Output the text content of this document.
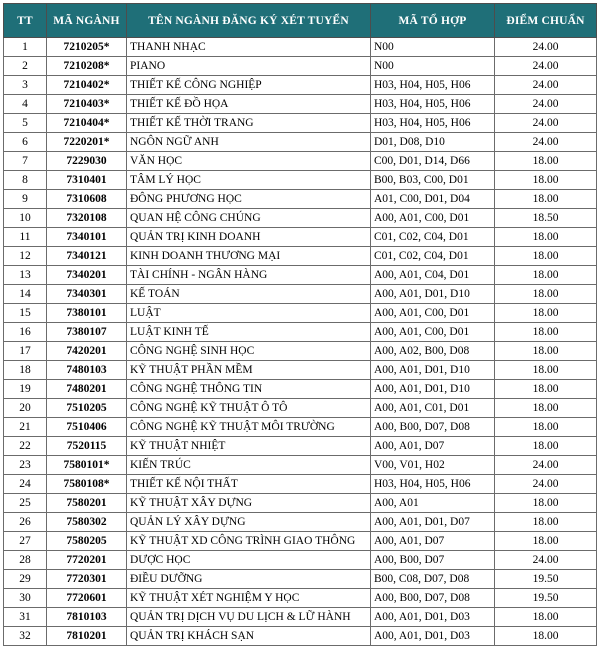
TT	MÃ NGÀNH	TÊN NGÀNH ĐĂNG KÝ XÉT TUYỂN	MÃ TỔ HỢP	ĐIỂM CHUẨN
1	7210205*	THANH NHẠC	N00	24.00
2	7210208*	PIANO	N00	24.00
3	7210402*	THIẾT KẾ CÔNG NGHIỆP	H03, H04, H05, H06	24.00
4	7210403*	THIẾT KẾ ĐỒ HỌA	H03, H04, H05, H06	24.00
5	7210404*	THIẾT KẾ THỜI TRANG	H03, H04, H05, H06	24.00
6	7220201*	NGÔN NGỮ ANH	D01, D08, D10	24.00
7	7229030	VĂN HỌC	C00, D01, D14, D66	18.00
8	7310401	TÂM LÝ HỌC	B00, B03, C00, D01	18.00
9	7310608	ĐÔNG PHƯƠNG HỌC	A01, C00, D01, D04	18.00
10	7320108	QUAN HỆ CÔNG CHÚNG	A00, A01, C00, D01	18.50
11	7340101	QUẢN TRỊ KINH DOANH	C01, C02, C04, D01	18.00
12	7340121	KINH DOANH THƯƠNG MẠI	C01, C02, C04, D01	18.00
13	7340201	TÀI CHÍNH - NGÂN HÀNG	A00, A01, C04, D01	18.00
14	7340301	KẾ TOÁN	A00, A01, D01, D10	18.00
15	7380101	LUẬT	A00, A01, C00, D01	18.00
16	7380107	LUẬT KINH TẾ	A00, A01, C00, D01	18.00
17	7420201	CÔNG NGHỆ SINH HỌC	A00, A02, B00, D08	18.00
18	7480103	KỸ THUẬT PHẦN MỀM	A00, A01, D01, D10	18.00
19	7480201	CÔNG NGHỆ THÔNG TIN	A00, A01, D01, D10	18.00
20	7510205	CÔNG NGHỆ KỸ THUẬT Ô TÔ	A00, A01, C01, D01	18.00
21	7510406	CÔNG NGHỆ KỸ THUẬT MÔI TRƯỜNG	A00, B00, D07, D08	18.00
22	7520115	KỸ THUẬT NHIỆT	A00, A01, D07	18.00
23	7580101*	KIẾN TRÚC	V00, V01, H02	24.00
24	7580108*	THIẾT KẾ NỘI THẤT	H03, H04, H05, H06	24.00
25	7580201	KỸ THUẬT XÂY DỰNG	A00, A01	18.00
26	7580302	QUẢN LÝ XÂY DỰNG	A00, A01, D01, D07	18.00
27	7580205	KỸ THUẬT XD CÔNG TRÌNH GIAO THÔNG	A00, A01, D07	18.00
28	7720201	DƯỢC HỌC	A00, B00, D07	24.00
29	7720301	ĐIỀU DƯỠNG	B00, C08, D07, D08	19.50
30	7720601	KỸ THUẬT XÉT NGHIỆM Y HỌC	A00, B00, D07, D08	19.50
31	7810103	QUẢN TRỊ DỊCH VỤ DU LỊCH & LỮ HÀNH	A00, A01, D01, D03	18.00
32	7810201	QUẢN TRỊ KHÁCH SẠN	A00, A01, D01, D03	18.00
